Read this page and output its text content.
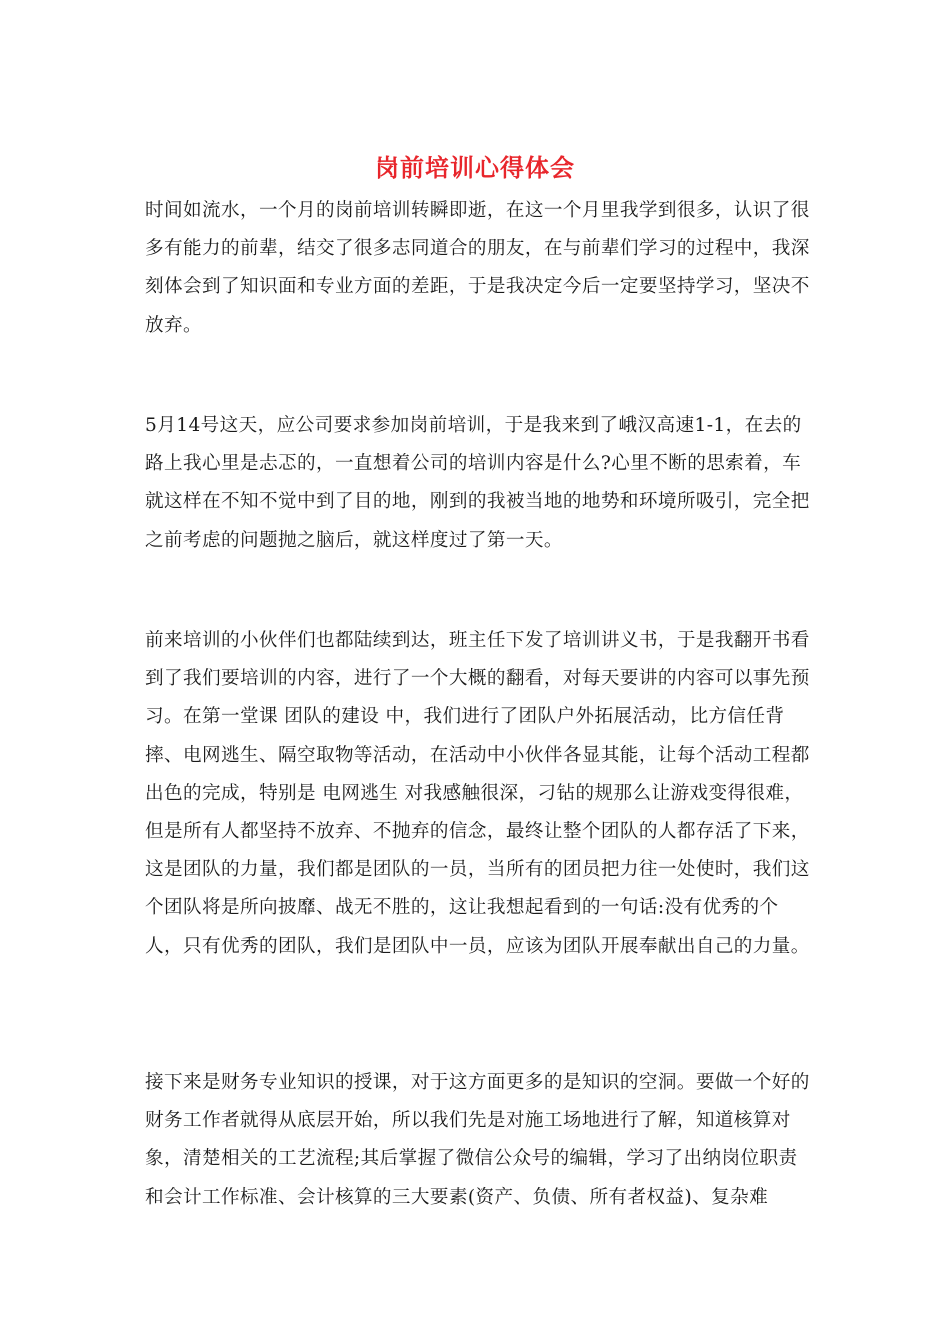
岗前培训心得体会

时间如流水，一个月的岗前培训转瞬即逝，在这一个月里我学到很多，认识了很多有能力的前辈，结交了很多志同道合的朋友，在与前辈们学习的过程中，我深刻体会到了知识面和专业方面的差距，于是我决定今后一定要坚持学习，坚决不放弃。

5月14号这天，应公司要求参加岗前培训，于是我来到了峨汉高速1-1，在去的路上我心里是忐忑的，一直想着公司的培训内容是什么?心里不断的思索着，车就这样在不知不觉中到了目的地，刚到的我被当地的地势和环境所吸引，完全把之前考虑的问题抛之脑后，就这样度过了第一天。

前来培训的小伙伴们也都陆续到达，班主任下发了培训讲义书，于是我翻开书看到了我们要培训的内容，进行了一个大概的翻看，对每天要讲的内容可以事先预习。在第一堂课 团队的建设 中，我们进行了团队户外拓展活动，比方信任背摔、电网逃生、隔空取物等活动，在活动中小伙伴各显其能，让每个活动工程都出色的完成，特别是 电网逃生 对我感触很深，刁钻的规那么让游戏变得很难，但是所有人都坚持不放弃、不抛弃的信念，最终让整个团队的人都存活了下来，这是团队的力量，我们都是团队的一员，当所有的团员把力往一处使时，我们这个团队将是所向披靡、战无不胜的，这让我想起看到的一句话:没有优秀的个人，只有优秀的团队，我们是团队中一员，应该为团队开展奉献出自己的力量。

接下来是财务专业知识的授课，对于这方面更多的是知识的空洞。要做一个好的财务工作者就得从底层开始，所以我们先是对施工场地进行了解，知道核算对象，清楚相关的工艺流程;其后掌握了微信公众号的编辑，学习了出纳岗位职责和会计工作标准、会计核算的三大要素(资产、负债、所有者权益)、复杂难
